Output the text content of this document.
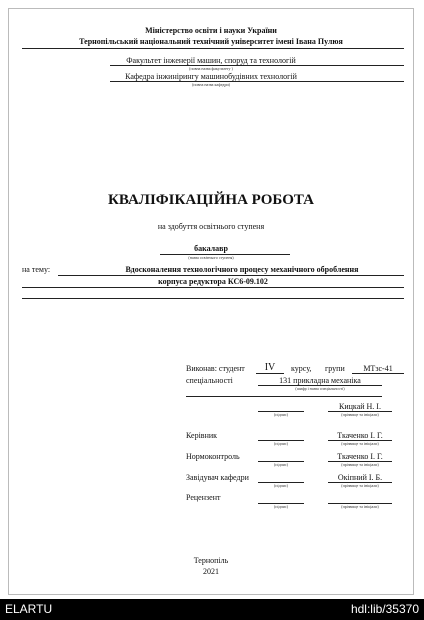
Міністерство освіти і науки України
Тернопільський національний технічний університет імені Івана Пулюя
Факультет інженерії машин, споруд та технологій
(повна назва факультету )
Кафедра інжинірингу машинобудівних технологій
(повна назва кафедри)
КВАЛІФІКАЦІЙНА РОБОТА
на здобуття освітнього ступеня
бакалавр
(назва освітнього ступеня)
на тему:	Вдосконалення технологічного процесу механічного оброблення
корпуса редуктора КС6-09.102
Виконав: студент	IV	курсу, групи	МТзс-41
спеціальності	131 прикладна механіка
(шифр і назва спеціальності)
Кицкай Н. І.
(підпис)	(прізвище та ініціали)
Керівник	Ткаченко І. Г.
(підпис)	(прізвище та ініціали)
Нормоконтроль	Ткаченко І. Г.
(підпис)	(прізвище та ініціали)
Завідувач кафедри	Окіпний І. Б.
(підпис)	(прізвище та ініціали)
Рецензент
(підпис)	(прізвище та ініціали)
Тернопіль
2021
ELARTU	hdl:lib/35370
